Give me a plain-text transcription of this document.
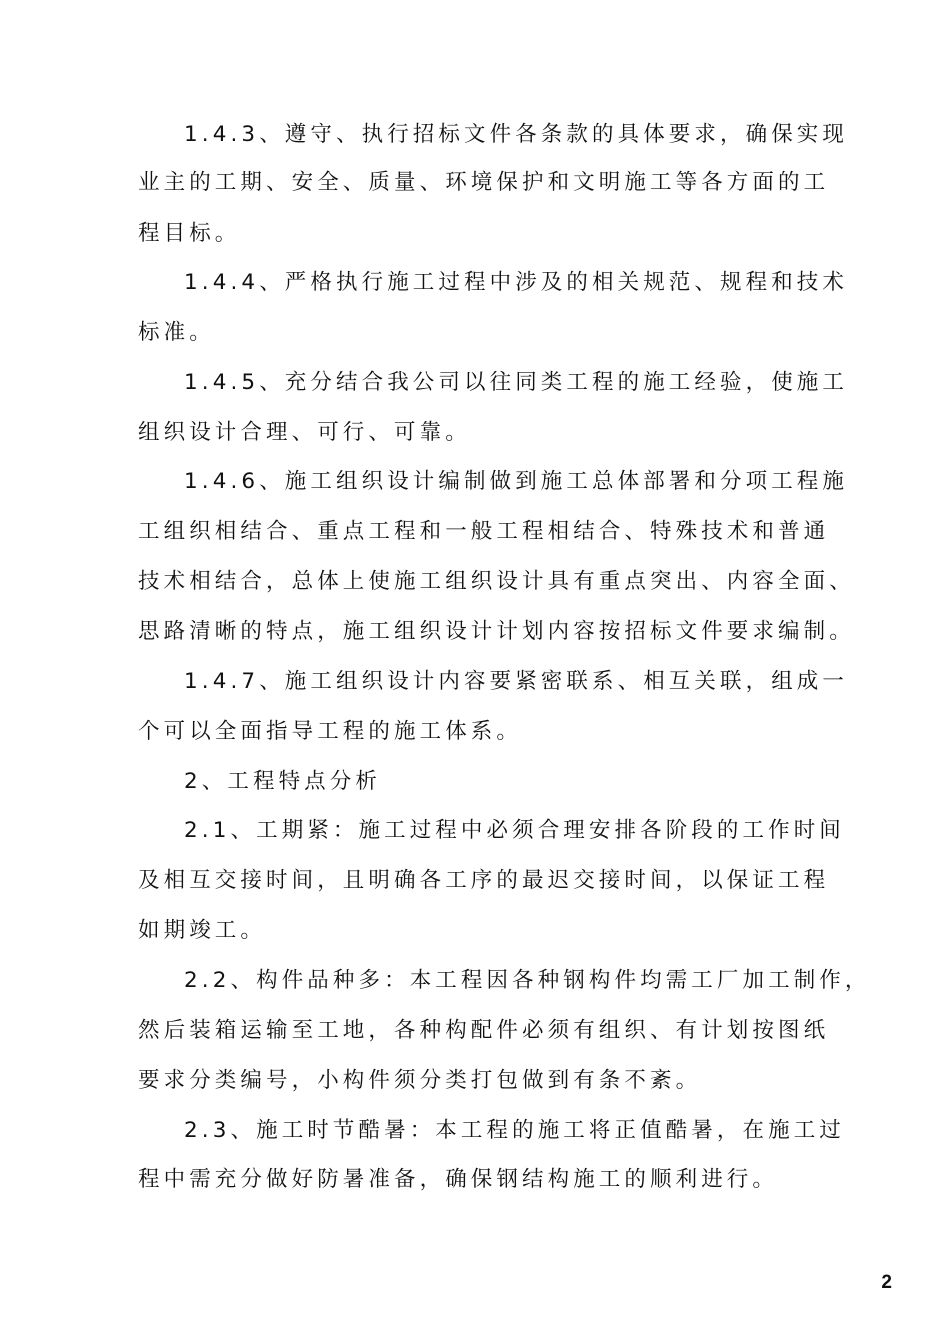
1.4.3、遵守、执行招标文件各条款的具体要求，确保实现
业主的工期、安全、质量、环境保护和文明施工等各方面的工
程目标。
1.4.4、严格执行施工过程中涉及的相关规范、规程和技术
标准。
1.4.5、充分结合我公司以往同类工程的施工经验，使施工
组织设计合理、可行、可靠。
1.4.6、施工组织设计编制做到施工总体部署和分项工程施
工组织相结合、重点工程和一般工程相结合、特殊技术和普通
技术相结合，总体上使施工组织设计具有重点突出、内容全面、
思路清晰的特点，施工组织设计计划内容按招标文件要求编制。
1.4.7、施工组织设计内容要紧密联系、相互关联，组成一
个可以全面指导工程的施工体系。
2、工程特点分析
2.1、工期紧：施工过程中必须合理安排各阶段的工作时间
及相互交接时间，且明确各工序的最迟交接时间，以保证工程
如期竣工。
2.2、构件品种多：本工程因各种钢构件均需工厂加工制作，
然后装箱运输至工地，各种构配件必须有组织、有计划按图纸
要求分类编号，小构件须分类打包做到有条不紊。
2.3、施工时节酷暑：本工程的施工将正值酷暑，在施工过
程中需充分做好防暑准备，确保钢结构施工的顺利进行。
2
